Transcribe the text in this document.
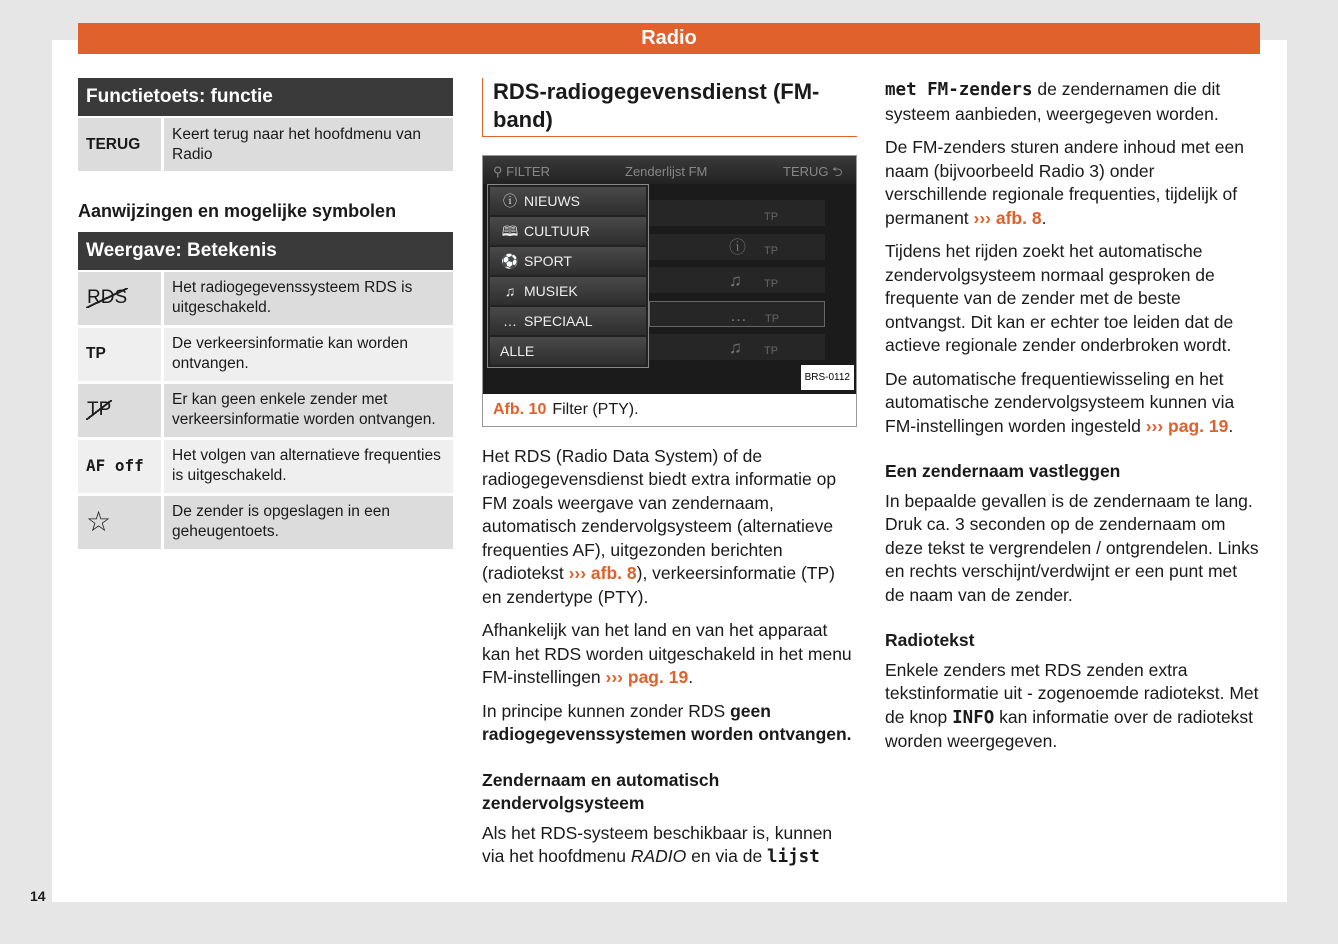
Radio
14
Functietoets: functie
TERUG	Keert terug naar het hoofdmenu van Radio
Aanwijzingen en mogelijke symbolen
Weergave: Betekenis
RDS	Het radiogegevenssysteem RDS is uitgeschakeld.
TP	De verkeersinformatie kan worden ontvangen.
TP	Er kan geen enkele zender met verkeersinformatie worden ontvangen.
AF off	Het volgen van alternatieve frequenties is uitgeschakeld.
☆	De zender is opgeslagen in een geheugentoets.
RDS-radiogegevensdienst (FM-band)
⚲ FILTER	Zenderlijst FM	TERUG ⮌
ⓘ NIEUWS
🕮 CULTUUR
⚽ SPORT
♫ MUSIEK
… SPECIAAL
ALLE
TP
ⓘ TP
♫ TP
… TP
♫ TP
BRS-0112
Afb. 10 Filter (PTY).

Het RDS (Radio Data System) of de radiogegevensdienst biedt extra informatie op FM zoals weergave van zendernaam, automatisch zendervolgsysteem (alternatieve frequenties AF), uitgezonden berichten (radiotekst ››› afb. 8), verkeersinformatie (TP) en zendertype (PTY).

Afhankelijk van het land en van het apparaat kan het RDS worden uitgeschakeld in het menu FM-instellingen ››› pag. 19.

In principe kunnen zonder RDS geen radiogegevenssystemen worden ontvangen.

Zendernaam en automatisch zendervolgsysteem

Als het RDS-systeem beschikbaar is, kunnen via het hoofdmenu RADIO en via de lijst

met FM-zenders de zendernamen die dit systeem aanbieden, weergegeven worden.

De FM-zenders sturen andere inhoud met een naam (bijvoorbeeld Radio 3) onder verschillende regionale frequenties, tijdelijk of permanent ››› afb. 8.

Tijdens het rijden zoekt het automatische zendervolgsysteem normaal gesproken de frequente van de zender met de beste ontvangst. Dit kan er echter toe leiden dat de actieve regionale zender onderbroken wordt.

De automatische frequentiewisseling en het automatische zendervolgsysteem kunnen via FM-instellingen worden ingesteld ››› pag. 19.

Een zendernaam vastleggen

In bepaalde gevallen is de zendernaam te lang. Druk ca. 3 seconden op de zendernaam om deze tekst te vergrendelen / ontgrendelen. Links en rechts verschijnt/verdwijnt er een punt met de naam van de zender.

Radiotekst

Enkele zenders met RDS zenden extra tekstinformatie uit - zogenoemde radiotekst. Met de knop INFO kan informatie over de radiotekst worden weergegeven.
